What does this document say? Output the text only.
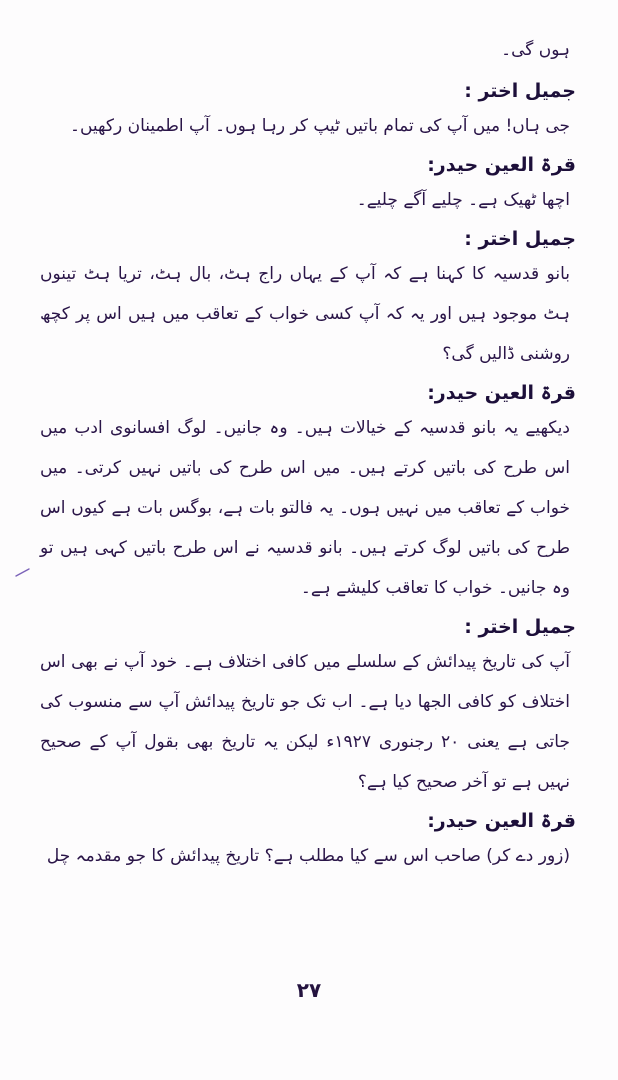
ہوں گی۔

جمیل اختر :

جی ہاں! میں آپ کی تمام باتیں ٹیپ کر رہا ہوں۔ آپ اطمینان رکھیں۔

قرۃ العین حیدر:

اچھا ٹھیک ہے۔ چلیے آگے چلیے۔

جمیل اختر :

بانو قدسیہ کا کہنا ہے کہ آپ کے یہاں راج ہٹ، بال ہٹ، تریا ہٹ تینوں ہٹ موجود ہیں اور یہ کہ آپ کسی خواب کے تعاقب میں ہیں اس پر کچھ روشنی ڈالیں گی؟

قرۃ العین حیدر:

دیکھیے یہ بانو قدسیہ کے خیالات ہیں۔ وہ جانیں۔ لوگ افسانوی ادب میں اس طرح کی باتیں کرتے ہیں۔ میں اس طرح کی باتیں نہیں کرتی۔ میں خواب کے تعاقب میں نہیں ہوں۔ یہ فالتو بات ہے، بوگس بات ہے کیوں اس طرح کی باتیں لوگ کرتے ہیں۔ بانو قدسیہ نے اس طرح باتیں کہی ہیں تو وہ جانیں۔ خواب کا تعاقب کلیشے ہے۔

جمیل اختر :

آپ کی تاریخ پیدائش کے سلسلے میں کافی اختلاف ہے۔ خود آپ نے بھی اس اختلاف کو کافی الجھا دیا ہے۔ اب تک جو تاریخ پیدائش آپ سے منسوب کی جاتی ہے یعنی ۲۰ رجنوری ۱۹۲۷ء لیکن یہ تاریخ بھی بقول آپ کے صحیح نہیں ہے تو آخر صحیح کیا ہے؟

قرۃ العین حیدر:

(زور دے کر) صاحب اس سے کیا مطلب ہے؟ تاریخ پیدائش کا جو مقدمہ چل

۲۷
